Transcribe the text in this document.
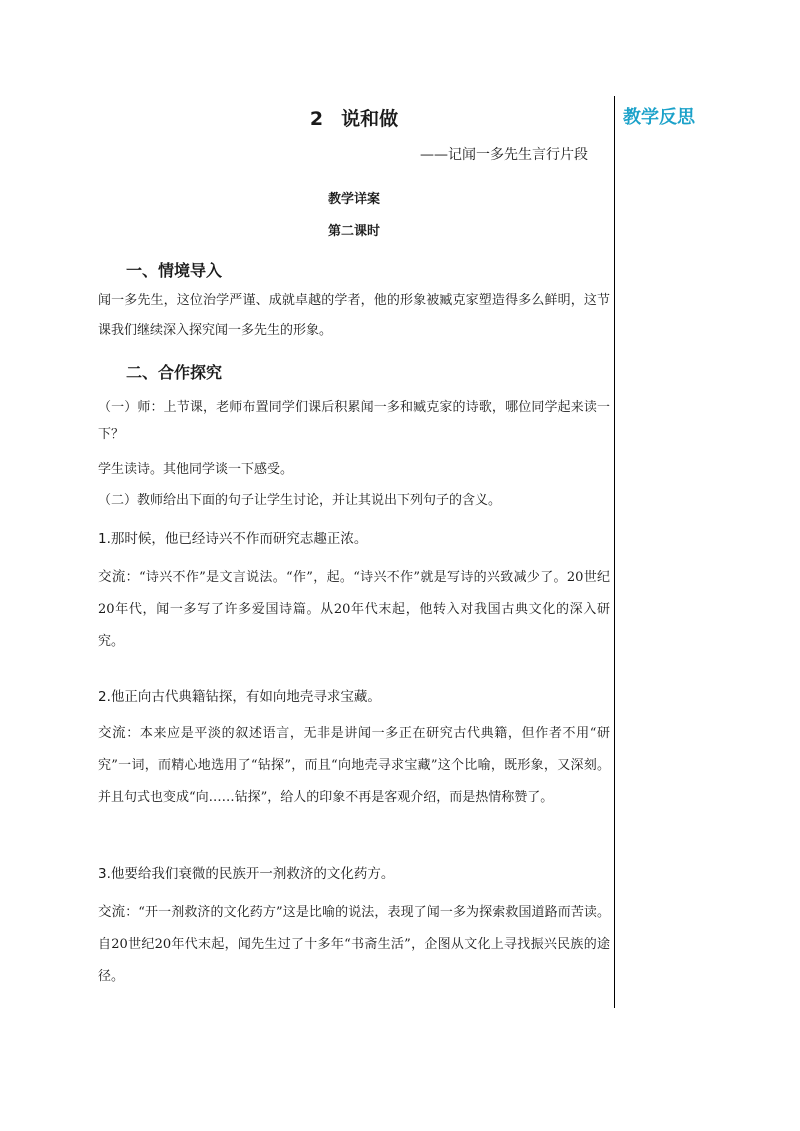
教学反思
2 说和做
——记闻一多先生言行片段
教学详案
第二课时
一、情境导入
闻一多先生，这位治学严谨、成就卓越的学者，他的形象被臧克家塑造得多么鲜明，这节课我们继续深入探究闻一多先生的形象。
二、合作探究
（一）师：上节课，老师布置同学们课后积累闻一多和臧克家的诗歌，哪位同学起来读一下？
学生读诗。其他同学谈一下感受。
（二）教师给出下面的句子让学生讨论，并让其说出下列句子的含义。
1.那时候，他已经诗兴不作而研究志趣正浓。
交流：“诗兴不作”是文言说法。“作”，起。“诗兴不作”就是写诗的兴致减少了。20世纪20年代，闻一多写了许多爱国诗篇。从20年代末起，他转入对我国古典文化的深入研究。
2.他正向古代典籍钻探，有如向地壳寻求宝藏。
交流：本来应是平淡的叙述语言，无非是讲闻一多正在研究古代典籍，但作者不用“研究”一词，而精心地选用了“钻探”，而且“向地壳寻求宝藏”这个比喻，既形象，又深刻。并且句式也变成“向……钻探”，给人的印象不再是客观介绍，而是热情称赞了。
3.他要给我们衰微的民族开一剂救济的文化药方。
交流：“开一剂救济的文化药方”这是比喻的说法，表现了闻一多为探索救国道路而苦读。自20世纪20年代末起，闻先生过了十多年“书斋生活”，企图从文化上寻找振兴民族的途径。
